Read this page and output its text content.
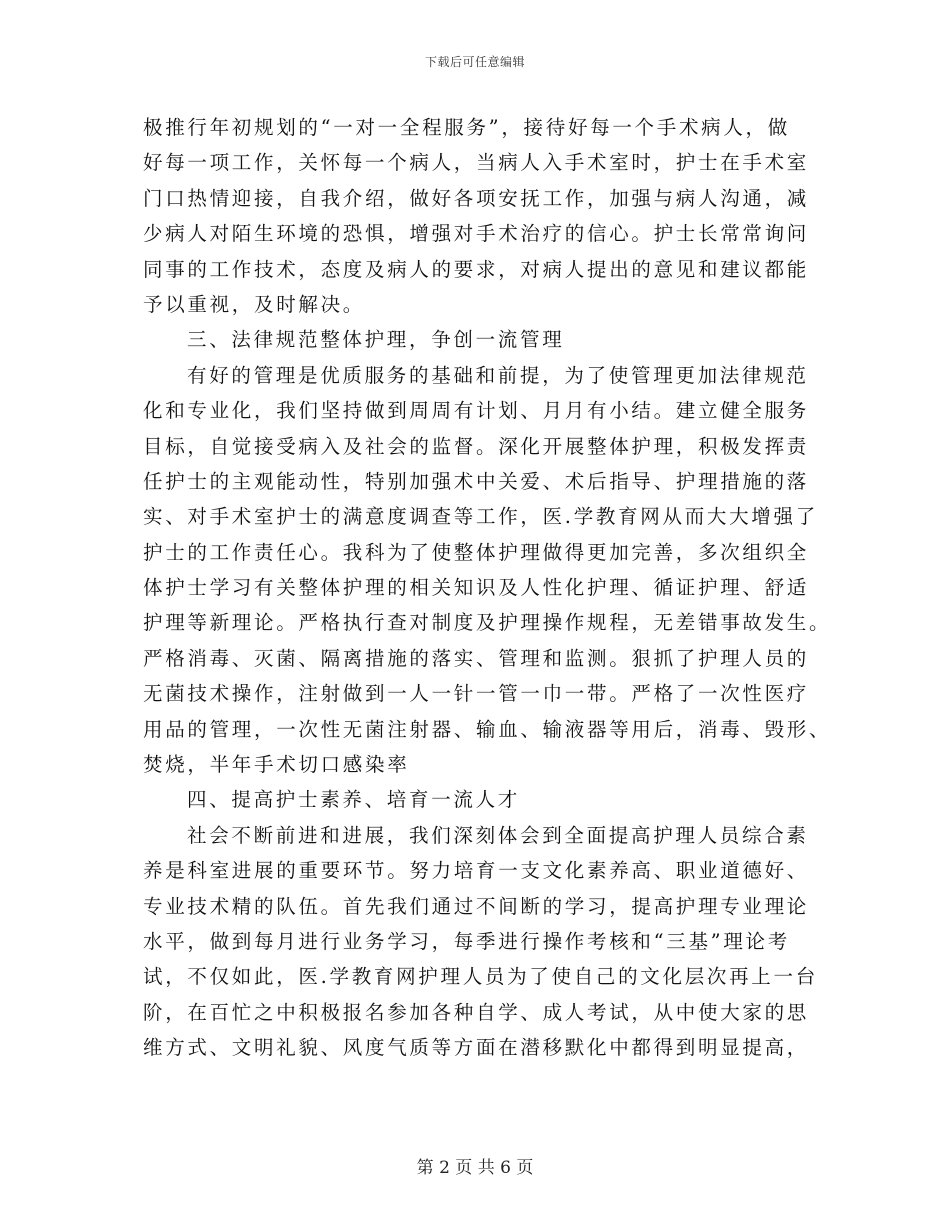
下载后可任意编辑
极推行年初规划的“一对一全程服务”，接待好每一个手术病人，做
好每一项工作，关怀每一个病人，当病人入手术室时，护士在手术室
门口热情迎接，自我介绍，做好各项安抚工作，加强与病人沟通，减
少病人对陌生环境的恐惧，增强对手术治疗的信心。护士长常常询问
同事的工作技术，态度及病人的要求，对病人提出的意见和建议都能
予以重视，及时解决。
三、法律规范整体护理，争创一流管理
有好的管理是优质服务的基础和前提，为了使管理更加法律规范
化和专业化，我们坚持做到周周有计划、月月有小结。建立健全服务
目标，自觉接受病入及社会的监督。深化开展整体护理，积极发挥责
任护士的主观能动性，特别加强术中关爱、术后指导、护理措施的落
实、对手术室护士的满意度调查等工作，医.学教育网从而大大增强了
护士的工作责任心。我科为了使整体护理做得更加完善，多次组织全
体护士学习有关整体护理的相关知识及人性化护理、循证护理、舒适
护理等新理论。严格执行查对制度及护理操作规程，无差错事故发生。
严格消毒、灭菌、隔离措施的落实、管理和监测。狠抓了护理人员的
无菌技术操作，注射做到一人一针一管一巾一带。严格了一次性医疗
用品的管理，一次性无菌注射器、输血、输液器等用后，消毒、毁形、
焚烧，半年手术切口感染率
四、提高护士素养、培育一流人才
社会不断前进和进展，我们深刻体会到全面提高护理人员综合素
养是科室进展的重要环节。努力培育一支文化素养高、职业道德好、
专业技术精的队伍。首先我们通过不间断的学习，提高护理专业理论
水平，做到每月进行业务学习，每季进行操作考核和“三基”理论考
试，不仅如此，医.学教育网护理人员为了使自己的文化层次再上一台
阶，在百忙之中积极报名参加各种自学、成人考试，从中使大家的思
维方式、文明礼貌、风度气质等方面在潜移默化中都得到明显提高，
第 2 页 共 6 页
